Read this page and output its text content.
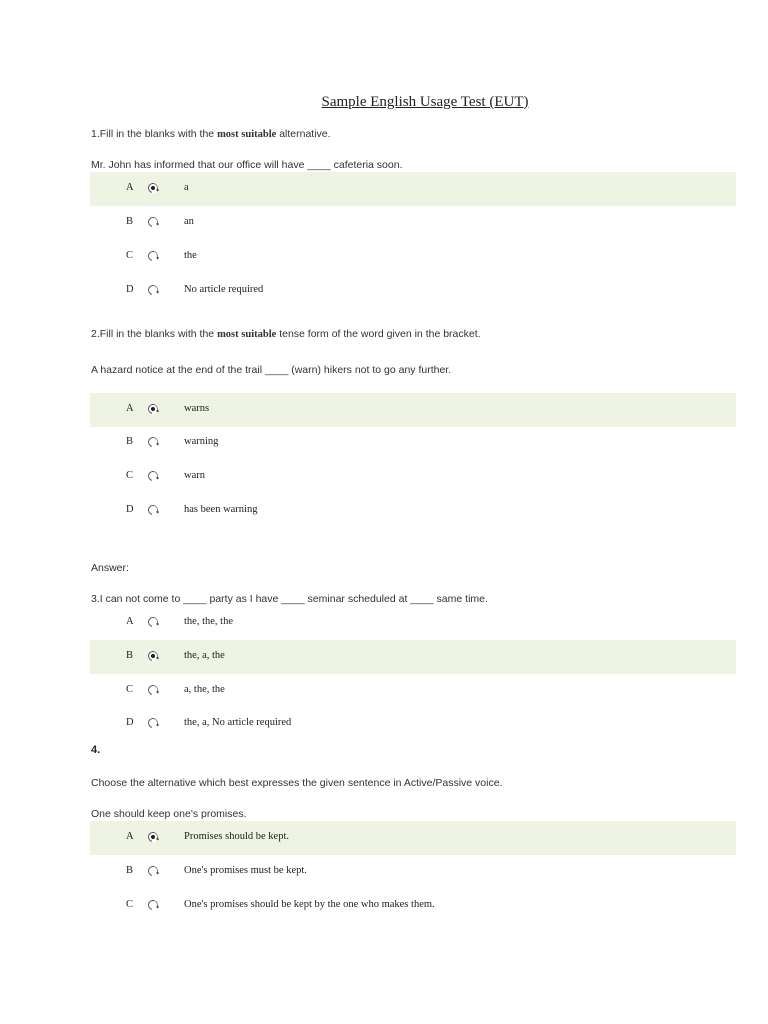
Sample English Usage Test (EUT)
1.Fill in the blanks with the most suitable alternative.
Mr. John has informed that our office will have ____ cafeteria soon.
A	a
B	an
C	the
D	No article required
2.Fill in the blanks with the most suitable tense form of the word given in the bracket.
A hazard notice at the end of the trail ____ (warn) hikers not to go any further.
A	warns
B	warning
C	warn
D	has been warning
Answer:
3.I can not come to ____ party as I have ____ seminar scheduled at ____ same time.
A	the, the, the
B	the, a, the
C	a, the, the
D	the, a, No article required
4.
Choose the alternative which best expresses the given sentence in Active/Passive voice.
One should keep one's promises.
A	Promises should be kept.
B	One's promises must be kept.
C	One's promises should be kept by the one who makes them.
